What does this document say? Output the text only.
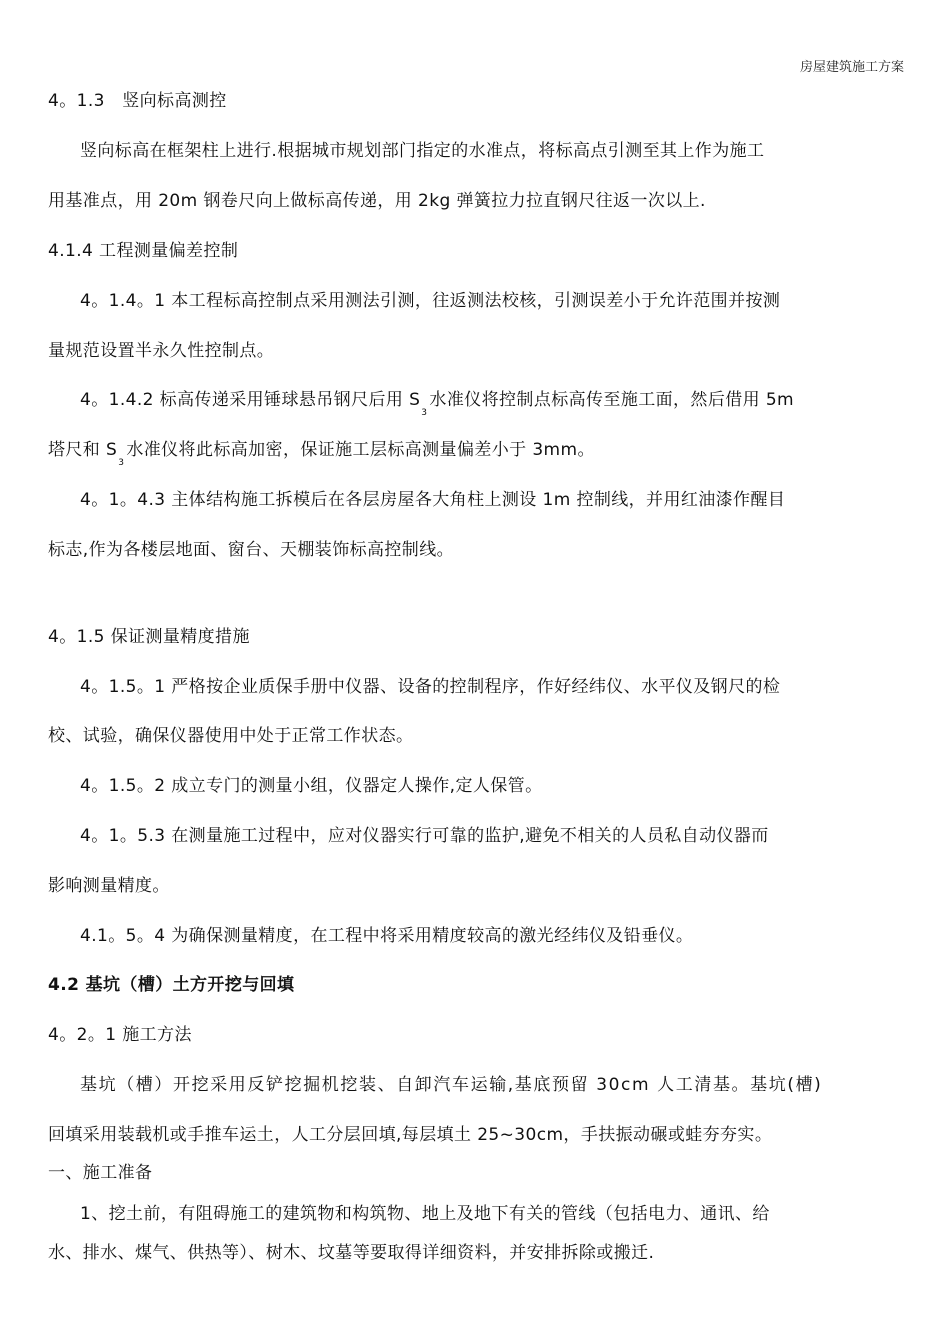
房屋建筑施工方案
4。1.3　竖向标高测控
竖向标高在框架柱上进行.根据城市规划部门指定的水准点，将标高点引测至其上作为施工
用基准点，用 20m 钢卷尺向上做标高传递，用 2kg 弹簧拉力拉直钢尺往返一次以上.
4.1.4 工程测量偏差控制
4。1.4。1 本工程标高控制点采用测法引测，往返测法校核，引测误差小于允许范围并按测
量规范设置半永久性控制点。
4。1.4.2 标高传递采用锤球悬吊钢尺后用 $S_3$水准仪将控制点标高传至施工面，然后借用 5m
塔尺和 $S_3$水准仪将此标高加密，保证施工层标高测量偏差小于 3mm。
4。1。4.3 主体结构施工拆模后在各层房屋各大角柱上测设 1m 控制线，并用红油漆作醒目
标志,作为各楼层地面、窗台、天棚装饰标高控制线。
4。1.5 保证测量精度措施
4。1.5。1 严格按企业质保手册中仪器、设备的控制程序，作好经纬仪、水平仪及钢尺的检
校、试验，确保仪器使用中处于正常工作状态。
4。1.5。2 成立专门的测量小组，仪器定人操作,定人保管。
4。1。5.3 在测量施工过程中，应对仪器实行可靠的监护,避免不相关的人员私自动仪器而
影响测量精度。
4.1。5。4 为确保测量精度，在工程中将采用精度较高的激光经纬仪及铅垂仪。
4.2 基坑（槽）土方开挖与回填
4。2。1 施工方法
基坑（槽）开挖采用反铲挖掘机挖装、自卸汽车运输,基底预留 30cm 人工清基。基坑(槽)
回填采用装载机或手推车运土，人工分层回填,每层填土 25~30cm，手扶振动碾或蛙夯夯实。
一、施工准备
1、挖土前，有阻碍施工的建筑物和构筑物、地上及地下有关的管线（包括电力、通讯、给
水、排水、煤气、供热等）、树木、坟墓等要取得详细资料，并安排拆除或搬迁.
